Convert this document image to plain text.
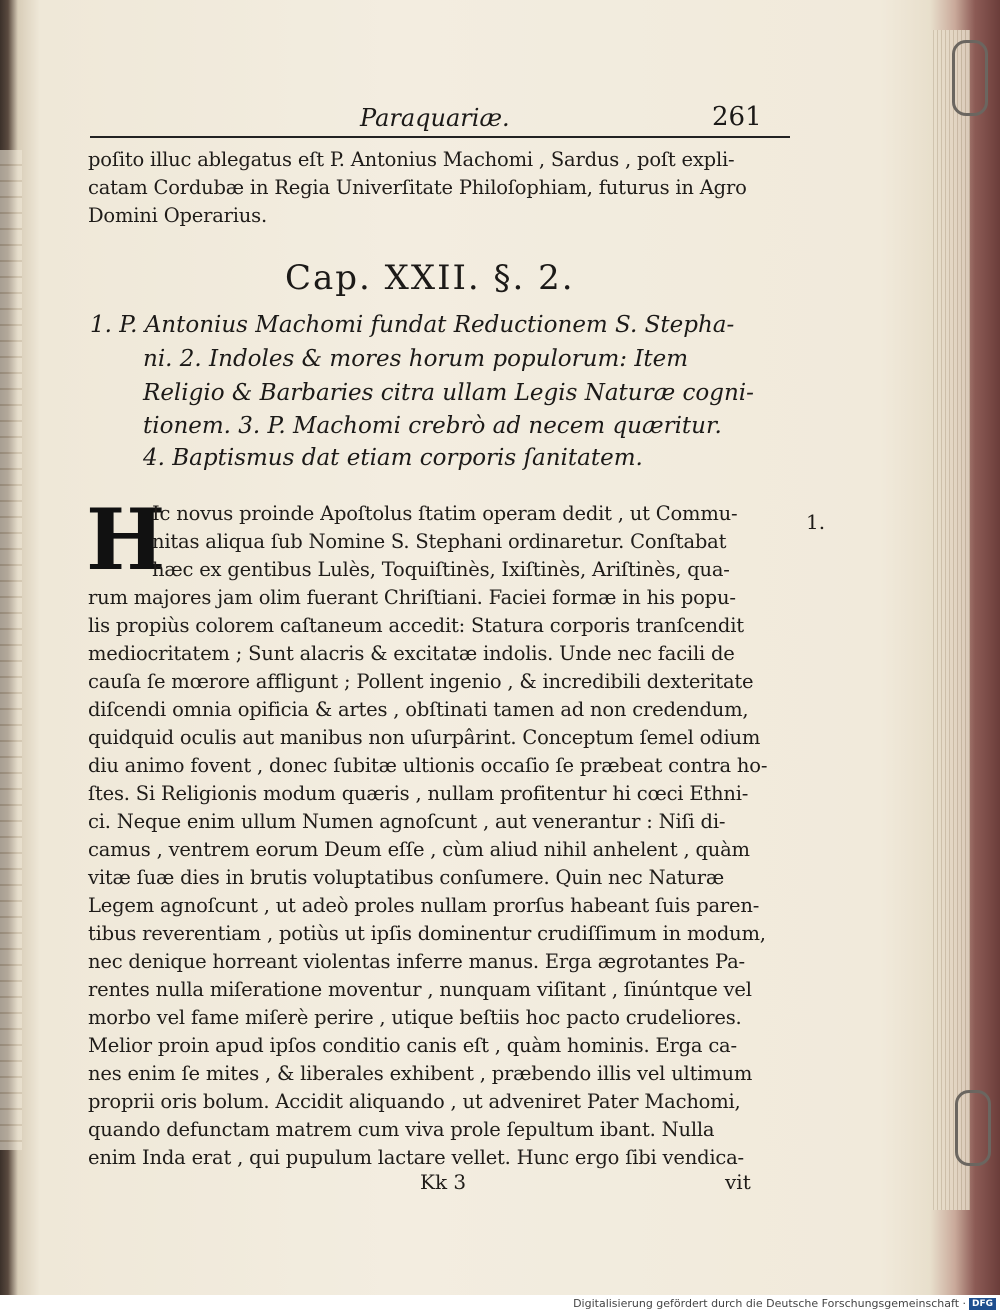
Paraquariæ.	261
poſito illuc ablegatus eſt P. Antonius Machomi , Sardus , poſt expli-
catam Cordubæ in Regia Univerſitate Philoſophiam, futurus in Agro
Domini Operarius.
Cap. XXII. §. 2.
1. P. Antonius Machomi fundat Reductionem S. Stepha-
ni. 2. Indoles & mores horum populorum: Item
Religio & Barbaries citra ullam Legis Naturæ cogni-
tionem. 3. P. Machomi crebrò ad necem quæritur.
4. Baptismus dat etiam corporis ſanitatem.
H	1.
Ic novus proinde Apoſtolus ſtatim operam dedit , ut Commu-
nitas aliqua ſub Nomine S. Stephani ordinaretur. Conſtabat
hæc ex gentibus Lulès, Toquiſtinès, Ixiſtinès, Ariſtinès, qua-
rum majores jam olim fuerant Chriſtiani. Faciei formæ in his popu-
lis propiùs colorem caſtaneum accedit: Statura corporis tranſcendit
mediocritatem ; Sunt alacris & excitatæ indolis. Unde nec facili de
cauſa ſe mœrore affligunt ; Pollent ingenio , & incredibili dexteritate
diſcendi omnia opificia & artes , obſtinati tamen ad non credendum,
quidquid oculis aut manibus non uſurpârint. Conceptum ſemel odium
diu animo fovent , donec ſubitæ ultionis occaſio ſe præbeat contra ho-
ſtes. Si Religionis modum quæris , nullam profitentur hi cœci Ethni-
ci. Neque enim ullum Numen agnoſcunt , aut venerantur : Niſi di-
camus , ventrem eorum Deum eſſe , cùm aliud nihil anhelent , quàm
vitæ ſuæ dies in brutis voluptatibus conſumere. Quin nec Naturæ
Legem agnoſcunt , ut adeò proles nullam prorſus habeant ſuis paren-
tibus reverentiam , potiùs ut ipſis dominentur crudiſſimum in modum,
nec denique horreant violentas inferre manus. Erga ægrotantes Pa-
rentes nulla miſeratione moventur , nunquam viſitant , ſinúntque vel
morbo vel fame miſerè perire , utique beſtiis hoc pacto crudeliores.
Melior proin apud ipſos conditio canis eſt , quàm hominis. Erga ca-
nes enim ſe mites , & liberales exhibent , præbendo illis vel ultimum
proprii oris bolum. Accidit aliquando , ut adveniret Pater Machomi,
quando defunctam matrem cum viva prole ſepultum ibant. Nulla
enim Inda erat , qui pupulum lactare vellet. Hunc ergo ſibi vendica-
Kk 3	vit
Digitalisierung gefördert durch die Deutsche Forschungsgemeinschaft · DFG
